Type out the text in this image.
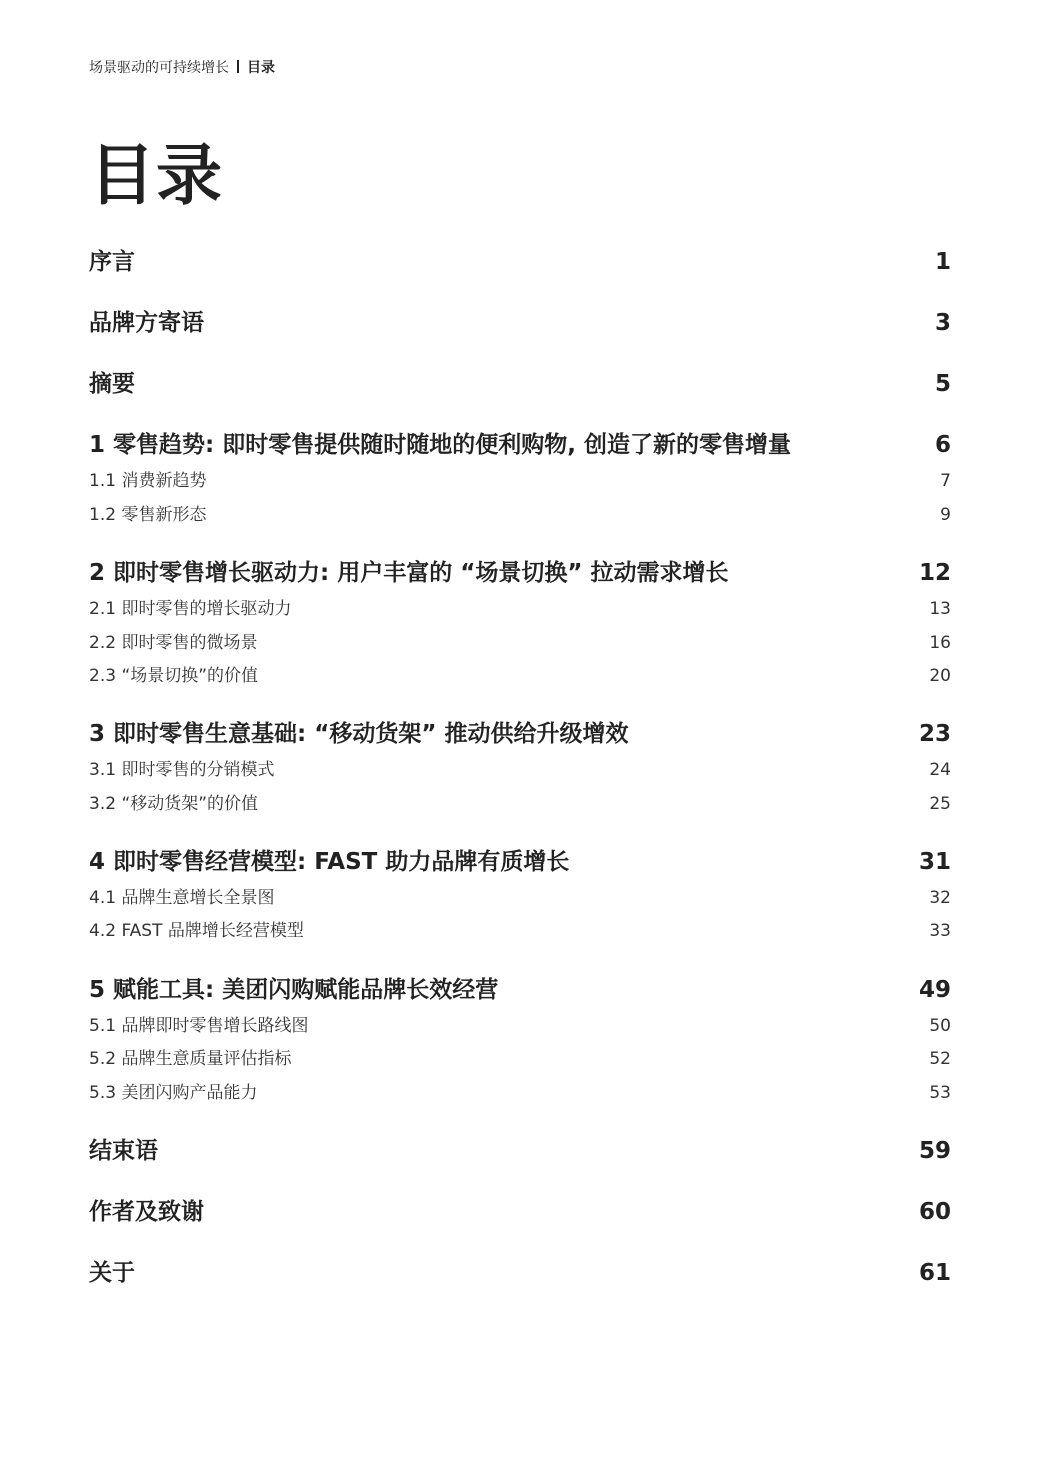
场景驱动的可持续增长 目录
目录
序言	1
品牌方寄语	3
摘要	5
1 零售趋势: 即时零售提供随时随地的便利购物, 创造了新的零售增量	6
1.1 消费新趋势	7
1.2 零售新形态	9
2 即时零售增长驱动力: 用户丰富的 “场景切换” 拉动需求增长	12
2.1 即时零售的增长驱动力	13
2.2 即时零售的微场景	16
2.3 “场景切换”的价值	20
3 即时零售生意基础: “移动货架” 推动供给升级增效	23
3.1 即时零售的分销模式	24
3.2 “移动货架”的价值	25
4 即时零售经营模型: FAST 助力品牌有质增长	31
4.1 品牌生意增长全景图	32
4.2 FAST 品牌增长经营模型	33
5 赋能工具: 美团闪购赋能品牌长效经营	49
5.1 品牌即时零售增长路线图	50
5.2 品牌生意质量评估指标	52
5.3 美团闪购产品能力	53
结束语	59
作者及致谢	60
关于	61
